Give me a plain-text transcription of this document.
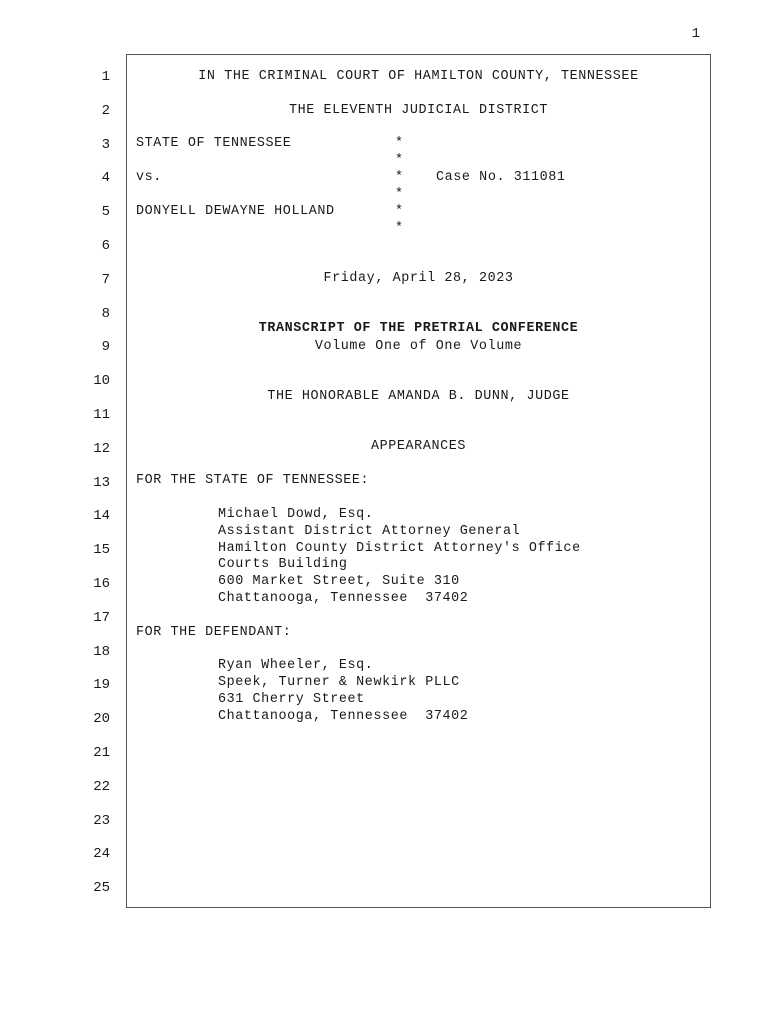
1
1
2
3
4
5
6
7
8
9
10
11
12
13
14
15
16
17
18
19
20
21
22
23
24
25
IN THE CRIMINAL COURT OF HAMILTON COUNTY, TENNESSEE
THE ELEVENTH JUDICIAL DISTRICT
STATE OF TENNESSEE
vs.
DONYELL DEWAYNE HOLLAND
*
*
*
*
*
*
Case No. 311081
Friday, April 28, 2023
TRANSCRIPT OF THE PRETRIAL CONFERENCE
Volume One of One Volume
THE HONORABLE AMANDA B. DUNN, JUDGE
APPEARANCES
FOR THE STATE OF TENNESSEE:
Michael Dowd, Esq.
Assistant District Attorney General
Hamilton County District Attorney's Office
Courts Building
600 Market Street, Suite 310
Chattanooga, Tennessee  37402
FOR THE DEFENDANT:
Ryan Wheeler, Esq.
Speek, Turner & Newkirk PLLC
631 Cherry Street
Chattanooga, Tennessee  37402
